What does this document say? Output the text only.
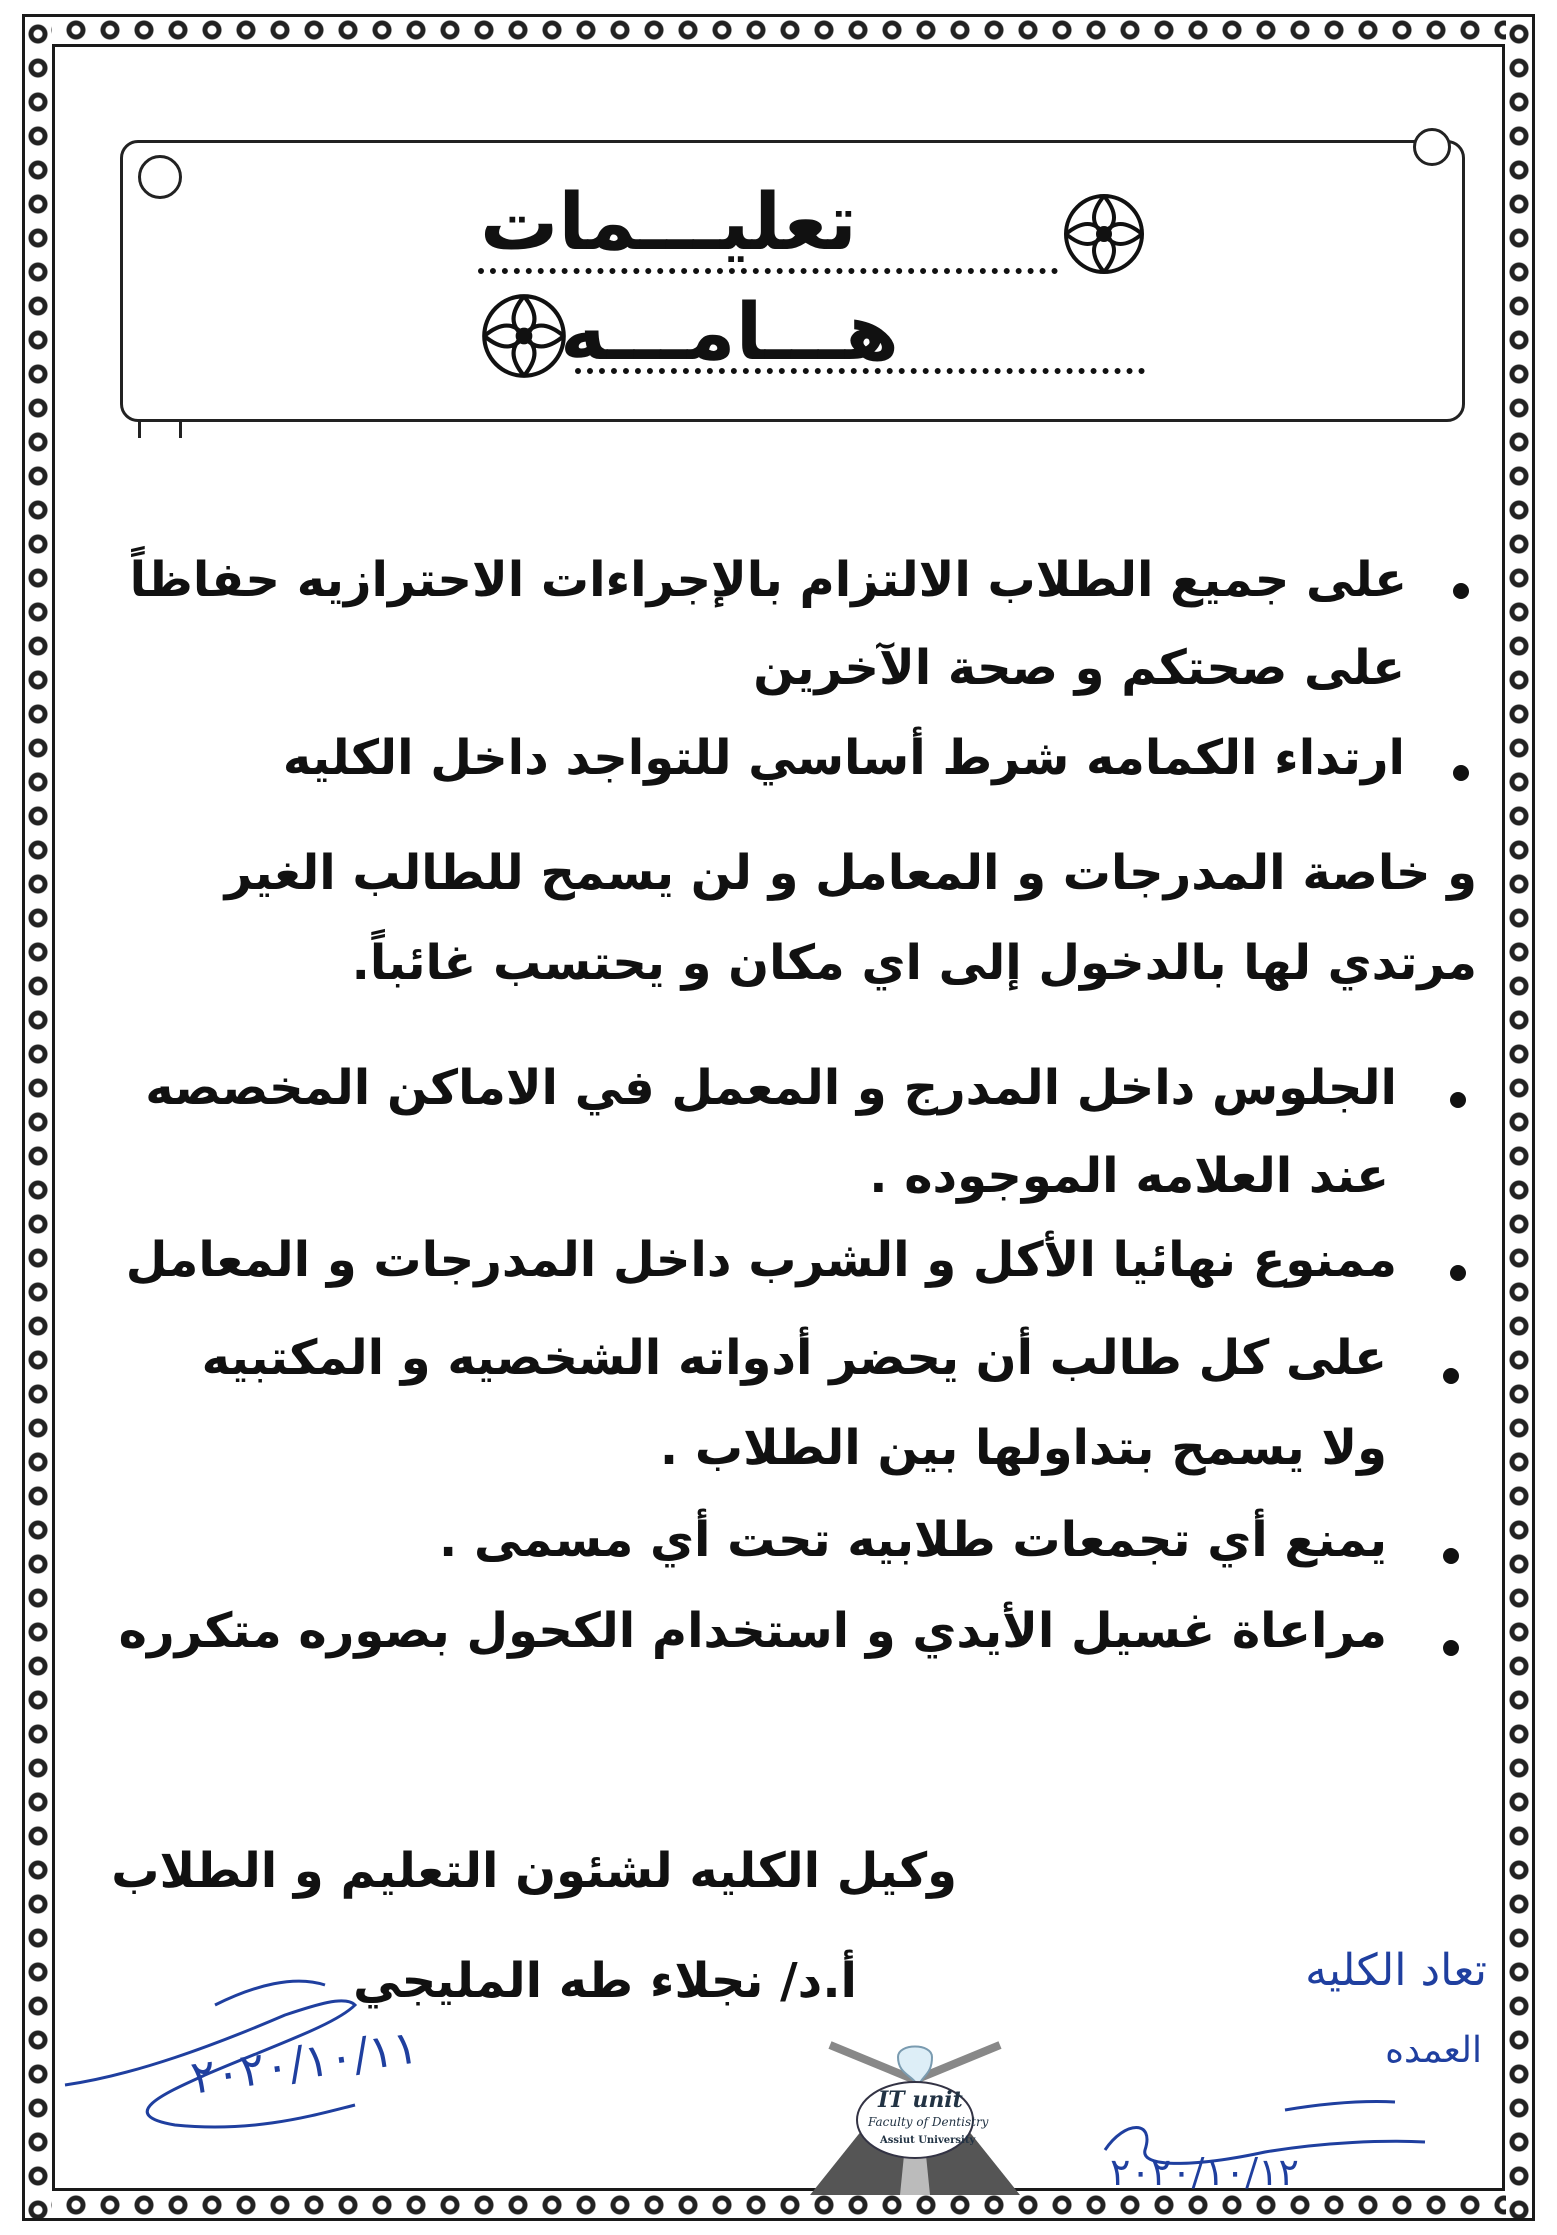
تعليـــمات
هـــامـــه
على جميع الطلاب الالتزام بالإجراءات الاحترازيه حفاظاً
على صحتكم و صحة الآخرين
ارتداء الكمامه شرط أساسي للتواجد داخل الكليه
و خاصة المدرجات و المعامل و لن يسمح للطالب الغير
مرتدي لها بالدخول إلى اي مكان و يحتسب غائباً.
الجلوس داخل المدرج و المعمل في الاماكن المخصصه
عند العلامه الموجوده .
ممنوع نهائيا الأكل و الشرب داخل المدرجات و المعامل
على كل طالب أن يحضر أدواته الشخصيه و المكتبيه
ولا يسمح بتداولها بين الطلاب .
يمنع أي تجمعات طلابيه تحت أي مسمى .
مراعاة غسيل الأيدي و استخدام الكحول بصوره متكرره
وكيل الكليه لشئون التعليم و الطلاب
أ.د/ نجلاء طه المليجي
٢٠٢٠/١٠/١١
تعاد الكليه
العمده
٢٠٢٠/١٠/١٢
IT unit
Faculty of Dentistry
Assiut University
